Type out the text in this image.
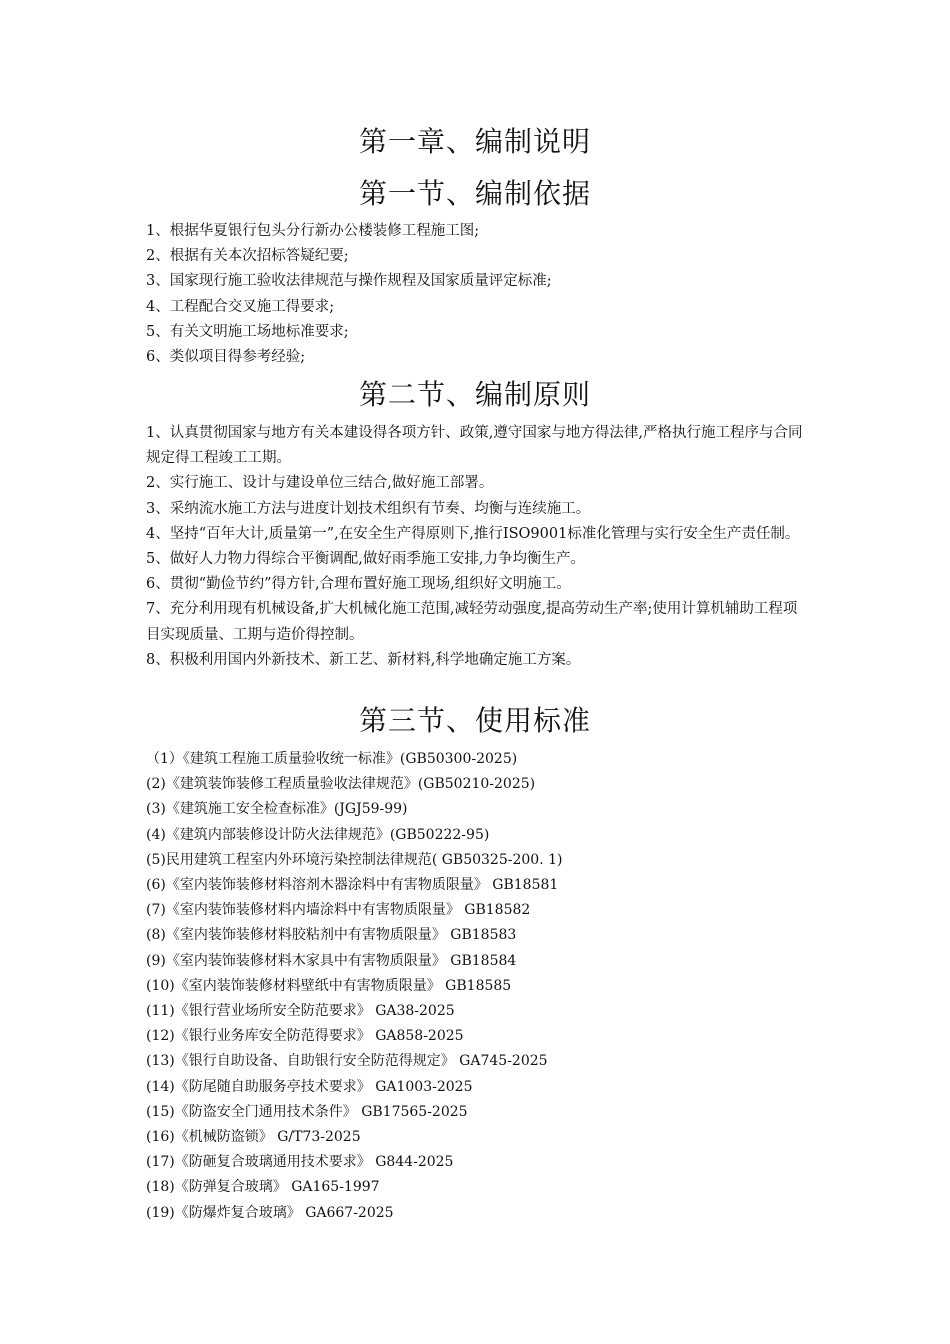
第一章、编制说明
第一节、编制依据
1、根据华夏银行包头分行新办公楼装修工程施工图;
2、根据有关本次招标答疑纪要;
3、国家现行施工验收法律规范与操作规程及国家质量评定标准;
4、工程配合交叉施工得要求;
5、有关文明施工场地标准要求;
6、类似项目得参考经验;
第二节、编制原则
1、认真贯彻国家与地方有关本建设得各项方针、政策,遵守国家与地方得法律,严格执行施工程序与合同规定得工程竣工工期。
2、实行施工、设计与建设单位三结合,做好施工部署。
3、采纳流水施工方法与进度计划技术组织有节奏、均衡与连续施工。
4、坚持“百年大计,质量第一”,在安全生产得原则下,推行ISO9001标准化管理与实行安全生产责任制。
5、做好人力物力得综合平衡调配,做好雨季施工安排,力争均衡生产。
6、贯彻“勤俭节约”得方针,合理布置好施工现场,组织好文明施工。
7、充分利用现有机械设备,扩大机械化施工范围,减轻劳动强度,提高劳动生产率;使用计算机辅助工程项目实现质量、工期与造价得控制。
8、积极利用国内外新技术、新工艺、新材料,科学地确定施工方案。
第三节、使用标准
（1）《建筑工程施工质量验收统一标准》(GB50300-2025)
(2)《建筑装饰装修工程质量验收法律规范》(GB50210-2025)
(3)《建筑施工安全检查标准》(JGJ59-99)
(4)《建筑内部装修设计防火法律规范》(GB50222-95)
(5)民用建筑工程室内外环境污染控制法律规范( GB50325-200. 1)
(6)《室内装饰装修材料溶剂木器涂料中有害物质限量》 GB18581
(7)《室内装饰装修材料内墙涂料中有害物质限量》 GB18582
(8)《室内装饰装修材料胶粘剂中有害物质限量》 GB18583
(9)《室内装饰装修材料木家具中有害物质限量》 GB18584
(10)《室内装饰装修材料壁纸中有害物质限量》 GB18585
(11)《银行营业场所安全防范要求》 GA38-2025
(12)《银行业务库安全防范得要求》 GA858-2025
(13)《银行自助设备、自助银行安全防范得规定》 GA745-2025
(14)《防尾随自助服务亭技术要求》 GA1003-2025
(15)《防盗安全门通用技术条件》 GB17565-2025
(16)《机械防盗锁》 G/T73-2025
(17)《防砸复合玻璃通用技术要求》 G844-2025
(18)《防弹复合玻璃》 GA165-1997
(19)《防爆炸复合玻璃》 GA667-2025
